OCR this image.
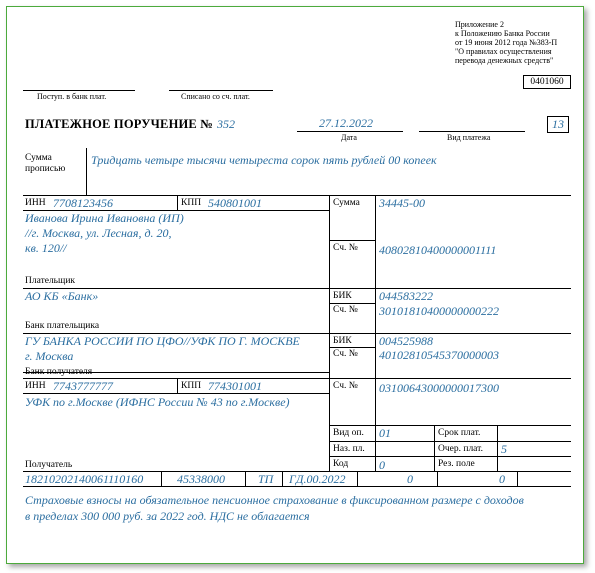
Приложение 2
к Положению Банка России
от 19 июня 2012 года №383-П
"О правилах осуществления
перевода денежных средств"
0401060
Поступ. в банк плат.	Списано со сч. плат.
ПЛАТЕЖНОЕ ПОРУЧЕНИЕ № 352	27.12.2022
Дата	Вид платежа
13
Сумма
прописью
Тридцать четыре тысячи четыреста сорок пять рублей 00 копеек
ИНН 7708123456	КПП 540801001
Иванова Ирина Ивановна (ИП)
//г. Москва, ул. Лесная, д. 20,
кв. 120//
Плательщик
Сумма 34445-00
Сч. № 40802810400000001111
АО КБ «Банк»
Банк плательщика
БИК 044583222
Сч. № 30101810400000000222
ГУ БАНКА РОССИИ ПО ЦФО//УФК ПО Г. МОСКВЕ
г. Москва
Банк получателя
БИК 004525988
Сч. № 40102810545370000003
ИНН 7743777777	КПП 774301001
УФК по г.Москве (ИФНС России № 43 по г.Москве)
Получатель
Сч. № 03100643000000017300
Вид оп. 01
Наз. пл.
Код	0
Срок плат.
Очер. плат. 5
Рез. поле
18210202140061110160	45338000	ТП ГД.00.2022	0	0
Страховые взносы на обязательное пенсионное страхование в фиксированном размере с доходов
в пределах 300 000 руб. за 2022 год. НДС не облагается
